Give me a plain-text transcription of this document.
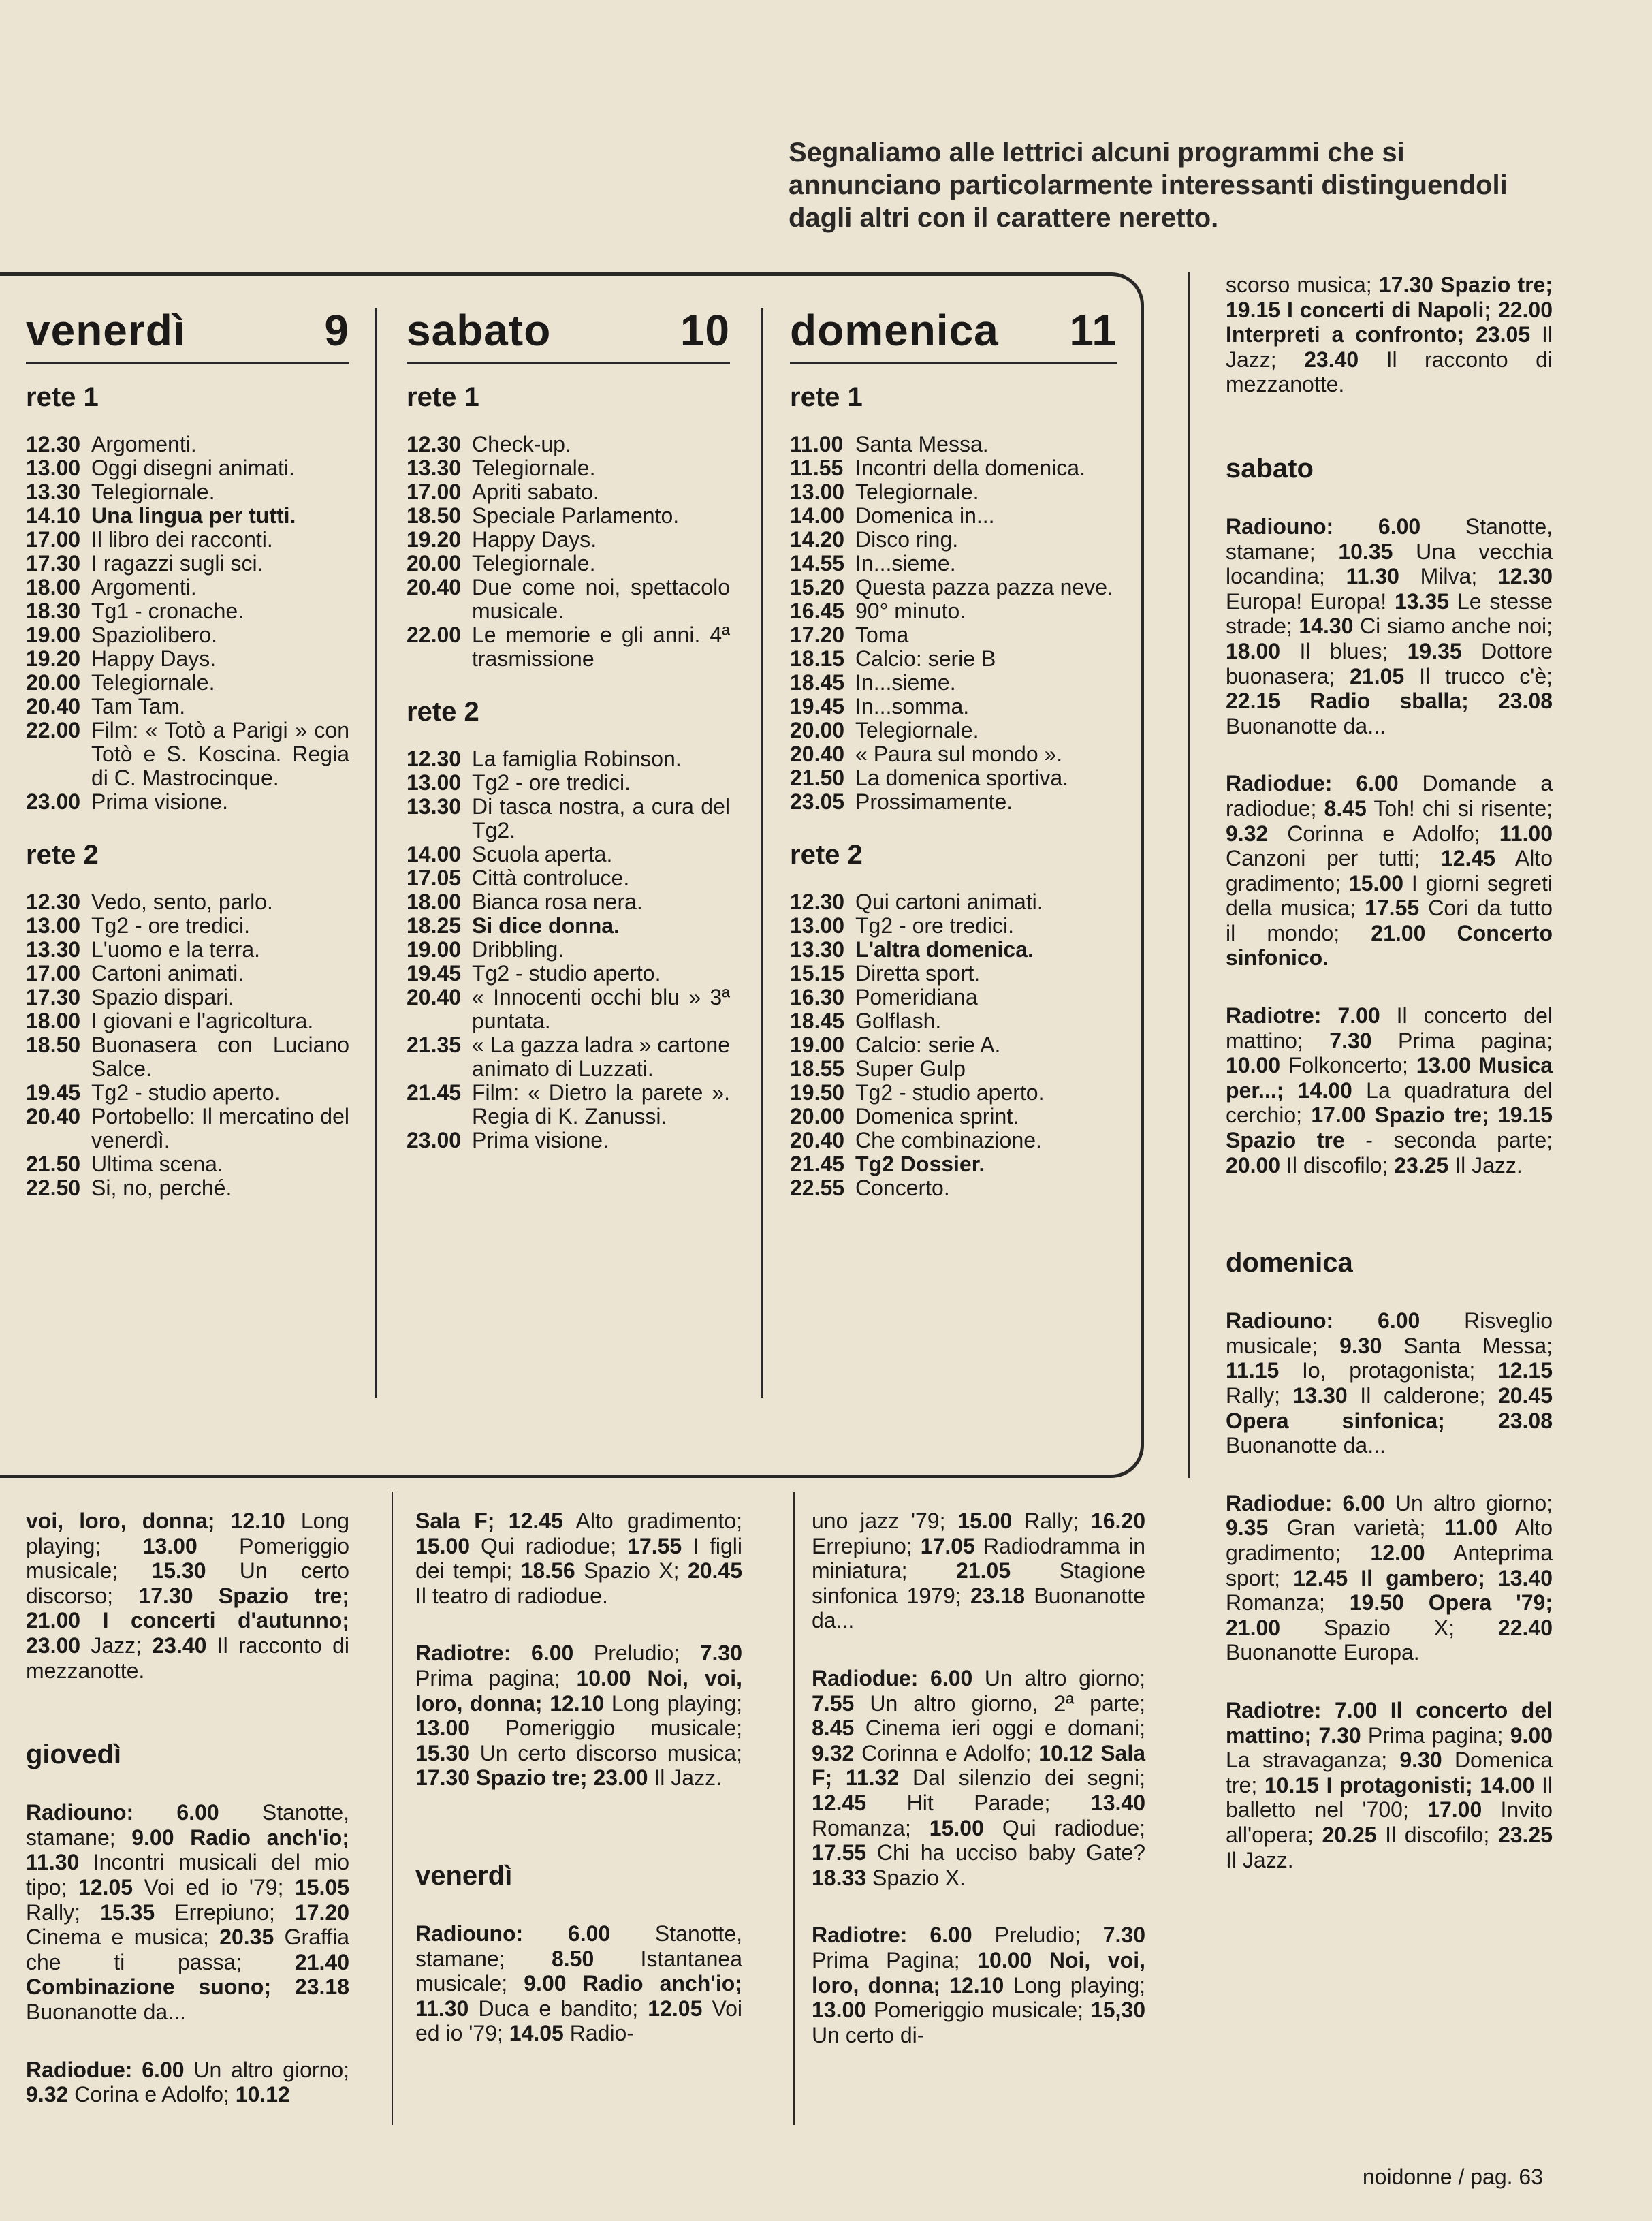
Segnaliamo alle lettrici alcuni programmi che si annunciano particolarmente interessanti distinguendoli dagli altri con il carattere neretto.
venerdì	9
rete 1
12.30 Argomenti.
13.00 Oggi disegni animati.
13.30 Telegiornale.
14.10 Una lingua per tutti.
17.00 Il libro dei racconti.
17.30 I ragazzi sugli sci.
18.00 Argomenti.
18.30 Tg1 - cronache.
19.00 Spaziolibero.
19.20 Happy Days.
20.00 Telegiornale.
20.40 Tam Tam.
22.00 Film: « Totò a Parigi » con Totò e S. Koscina. Regia di C. Mastrocinque.
23.00 Prima visione.
rete 2
12.30 Vedo, sento, parlo.
13.00 Tg2 - ore tredici.
13.30 L'uomo e la terra.
17.00 Cartoni animati.
17.30 Spazio dispari.
18.00 I giovani e l'agricoltura.
18.50 Buonasera con Luciano Salce.
19.45 Tg2 - studio aperto.
20.40 Portobello: Il mercatino del venerdì.
21.50 Ultima scena.
22.50 Si, no, perché.
sabato	10
rete 1
12.30 Check-up.
13.30 Telegiornale.
17.00 Apriti sabato.
18.50 Speciale Parlamento.
19.20 Happy Days.
20.00 Telegiornale.
20.40 Due come noi, spettacolo musicale.
22.00 Le memorie e gli anni. 4ª trasmissione
rete 2
12.30 La famiglia Robinson.
13.00 Tg2 - ore tredici.
13.30 Di tasca nostra, a cura del Tg2.
14.00 Scuola aperta.
17.05 Città controluce.
18.00 Bianca rosa nera.
18.25 Si dice donna.
19.00 Dribbling.
19.45 Tg2 - studio aperto.
20.40 « Innocenti occhi blu » 3ª puntata.
21.35 « La gazza ladra » cartone animato di Luzzati.
21.45 Film: « Dietro la parete ». Regia di K. Zanussi.
23.00 Prima visione.
domenica 11
rete 1
11.00 Santa Messa.
11.55 Incontri della domenica.
13.00 Telegiornale.
14.00 Domenica in...
14.20 Disco ring.
14.55 In...sieme.
15.20 Questa pazza pazza neve.
16.45 90° minuto.
17.20 Toma
18.15 Calcio: serie B
18.45 In...sieme.
19.45 In...somma.
20.00 Telegiornale.
20.40 « Paura sul mondo ».
21.50 La domenica sportiva.
23.05 Prossimamente.
rete 2
12.30 Qui cartoni animati.
13.00 Tg2 - ore tredici.
13.30 L'altra domenica.
15.15 Diretta sport.
16.30 Pomeridiana
18.45 Golflash.
19.00 Calcio: serie A.
18.55 Super Gulp
19.50 Tg2 - studio aperto.
20.00 Domenica sprint.
20.40 Che combinazione.
21.45 Tg2 Dossier.
22.55 Concerto.

scorso musica; 17.30 Spazio tre; 19.15 I concerti di Napoli; 22.00 Interpreti a confronto; 23.05 Il Jazz; 23.40 Il racconto di mezzanotte.

sabato

Radiouno: 6.00 Stanotte, stamane; 10.35 Una vecchia locandina; 11.30 Milva; 12.30 Europa! Europa! 13.35 Le stesse strade; 14.30 Ci siamo anche noi; 18.00 Il blues; 19.35 Dottore buonasera; 21.05 Il trucco c'è; 22.15 Radio sballa; 23.08 Buonanotte da...

Radiodue: 6.00 Domande a radiodue; 8.45 Toh! chi si risente; 9.32 Corinna e Adolfo; 11.00 Canzoni per tutti; 12.45 Alto gradimento; 15.00 I giorni segreti della musica; 17.55 Cori da tutto il mondo; 21.00 Concerto sinfonico.

Radiotre: 7.00 Il concerto del mattino; 7.30 Prima pagina; 10.00 Folkoncerto; 13.00 Musica per...; 14.00 La quadratura del cerchio; 17.00 Spazio tre; 19.15 Spazio tre - seconda parte; 20.00 Il discofilo; 23.25 Il Jazz.

domenica

Radiouno: 6.00 Risveglio musicale; 9.30 Santa Messa; 11.15 Io, protagonista; 12.15 Rally; 13.30 Il calderone; 20.45 Opera sinfonica; 23.08 Buonanotte da...

Radiodue: 6.00 Un altro giorno; 9.35 Gran varietà; 11.00 Alto gradimento; 12.00 Anteprima sport; 12.45 Il gambero; 13.40 Romanza; 19.50 Opera '79; 21.00 Spazio X; 22.40 Buonanotte Europa.

Radiotre: 7.00 Il concerto del mattino; 7.30 Prima pagina; 9.00 La stravaganza; 9.30 Domenica tre; 10.15 I protagonisti; 14.00 Il balletto nel '700; 17.00 Invito all'opera; 20.25 Il discofilo; 23.25 Il Jazz.

voi, loro, donna; 12.10 Long playing; 13.00 Pomeriggio musicale; 15.30 Un certo discorso; 17.30 Spazio tre; 21.00 I concerti d'autunno; 23.00 Jazz; 23.40 Il racconto di mezzanotte.

giovedì

Radiouno: 6.00 Stanotte, stamane; 9.00 Radio anch'io; 11.30 Incontri musicali del mio tipo; 12.05 Voi ed io '79; 15.05 Rally; 15.35 Errepiuno; 17.20 Cinema e musica; 20.35 Graffia che ti passa; 21.40 Combinazione suono; 23.18 Buonanotte da...

Radiodue: 6.00 Un altro giorno; 9.32 Corina e Adolfo; 10.12

Sala F; 12.45 Alto gradimento; 15.00 Qui radiodue; 17.55 I figli dei tempi; 18.56 Spazio X; 20.45 Il teatro di radiodue.

Radiotre: 6.00 Preludio; 7.30 Prima pagina; 10.00 Noi, voi, loro, donna; 12.10 Long playing; 13.00 Pomeriggio musicale; 15.30 Un certo discorso musica; 17.30 Spazio tre; 23.00 Il Jazz.

venerdì

Radiouno: 6.00 Stanotte, stamane; 8.50 Istantanea musicale; 9.00 Radio anch'io; 11.30 Duca e bandito; 12.05 Voi ed io '79; 14.05 Radio-

uno jazz '79; 15.00 Rally; 16.20 Errepiuno; 17.05 Radiodramma in miniatura; 21.05 Stagione sinfonica 1979; 23.18 Buonanotte da...

Radiodue: 6.00 Un altro giorno; 7.55 Un altro giorno, 2ª parte; 8.45 Cinema ieri oggi e domani; 9.32 Corinna e Adolfo; 10.12 Sala F; 11.32 Dal silenzio dei segni; 12.45 Hit Parade; 13.40 Romanza; 15.00 Qui radiodue; 17.55 Chi ha ucciso baby Gate? 18.33 Spazio X.

Radiotre: 6.00 Preludio; 7.30 Prima Pagina; 10.00 Noi, voi, loro, donna; 12.10 Long playing; 13.00 Pomeriggio musicale; 15,30 Un certo di-

noidonne / pag. 63
